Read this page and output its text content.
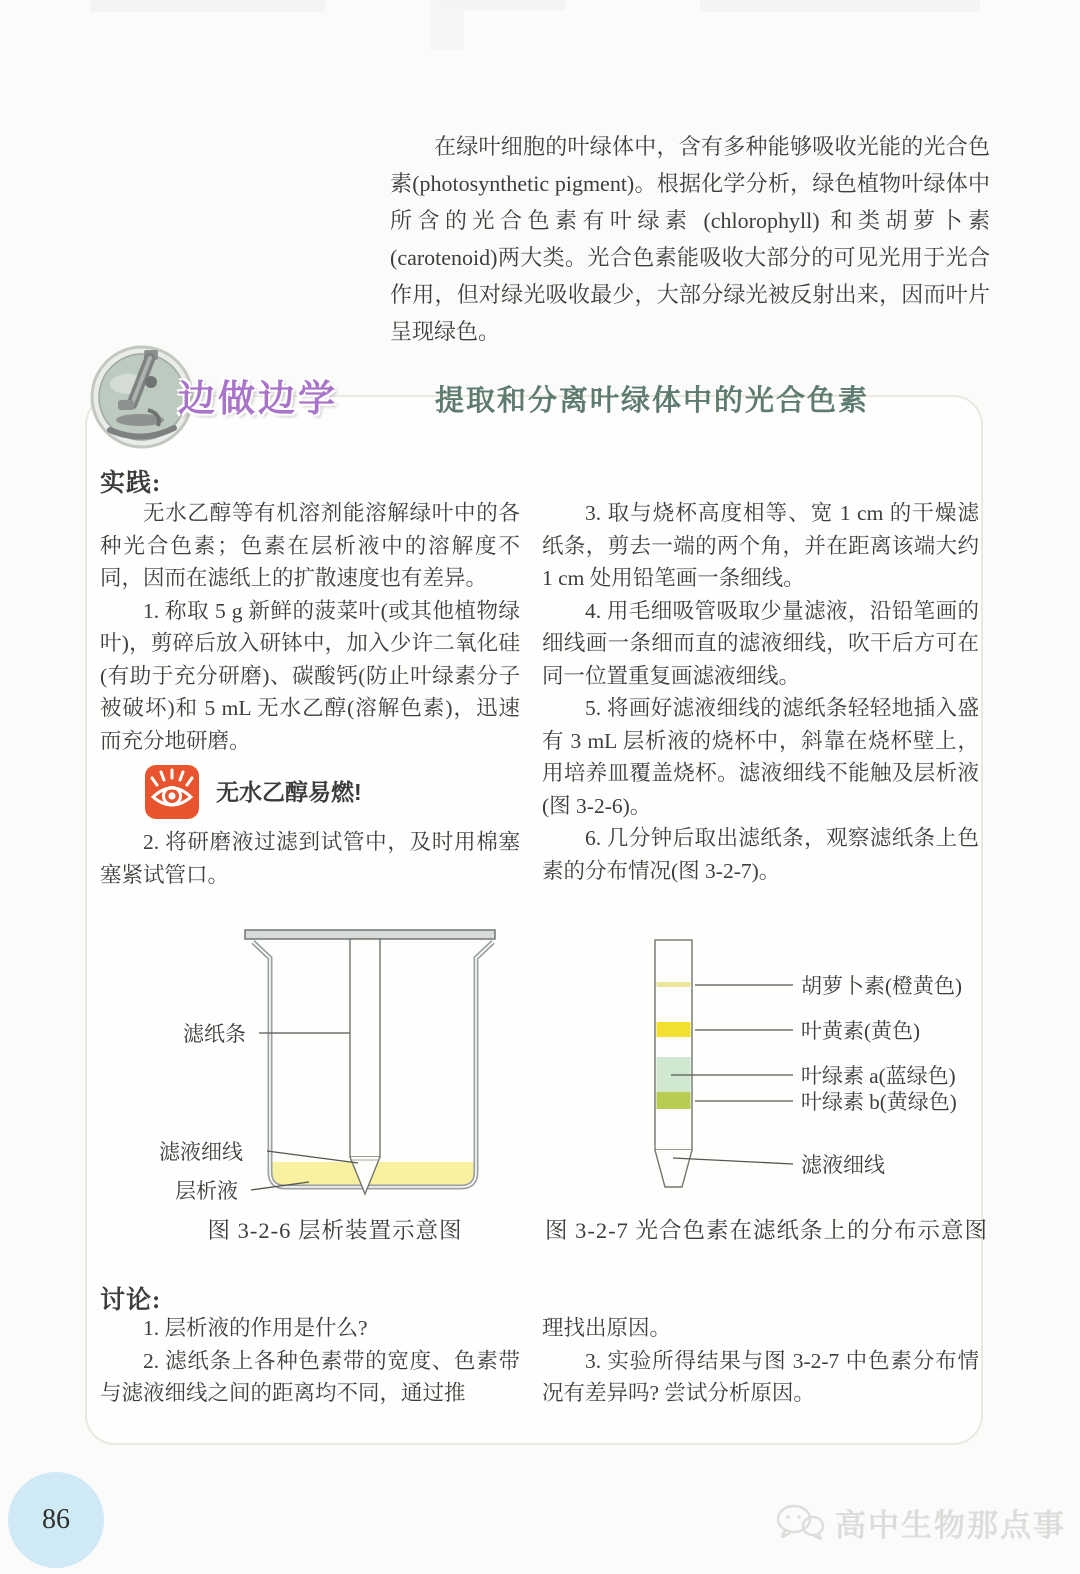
在绿叶细胞的叶绿体中，含有多种能够吸收光能的光合色素(photosynthetic pigment)。根据化学分析，绿色植物叶绿体中所含的光合色素有叶绿素 (chlorophyll) 和类胡萝卜素(carotenoid)两大类。光合色素能吸收大部分的可见光用于光合作用，但对绿光吸收最少，大部分绿光被反射出来，因而叶片呈现绿色。

边做边学	提取和分离叶绿体中的光合色素
实践:

无水乙醇等有机溶剂能溶解绿叶中的各种光合色素；色素在层析液中的溶解度不同，因而在滤纸上的扩散速度也有差异。

1. 称取 5 g 新鲜的菠菜叶(或其他植物绿叶)，剪碎后放入研钵中，加入少许二氧化硅(有助于充分研磨)、碳酸钙(防止叶绿素分子被破坏)和 5 mL 无水乙醇(溶解色素)，迅速而充分地研磨。

无水乙醇易燃!

2. 将研磨液过滤到试管中，及时用棉塞塞紧试管口。

3. 取与烧杯高度相等、宽 1 cm 的干燥滤纸条，剪去一端的两个角，并在距离该端大约 1 cm 处用铅笔画一条细线。

4. 用毛细吸管吸取少量滤液，沿铅笔画的细线画一条细而直的滤液细线，吹干后方可在同一位置重复画滤液细线。

5. 将画好滤液细线的滤纸条轻轻地插入盛有 3 mL 层析液的烧杯中，斜靠在烧杯壁上，用培养皿覆盖烧杯。滤液细线不能触及层析液(图 3-2-6)。

6. 几分钟后取出滤纸条，观察滤纸条上色素的分布情况(图 3-2-7)。

滤纸条
滤液细线
层析液
图 3-2-6 层析装置示意图
胡萝卜素(橙黄色)
叶黄素(黄色)
叶绿素 a(蓝绿色)
叶绿素 b(黄绿色)
滤液细线
图 3-2-7 光合色素在滤纸条上的分布示意图
讨论:

1. 层析液的作用是什么?

2. 滤纸条上各种色素带的宽度、色素带与滤液细线之间的距离均不同，通过推

理找出原因。

3. 实验所得结果与图 3-2-7 中色素分布情况有差异吗? 尝试分析原因。

86	高中生物那点事
